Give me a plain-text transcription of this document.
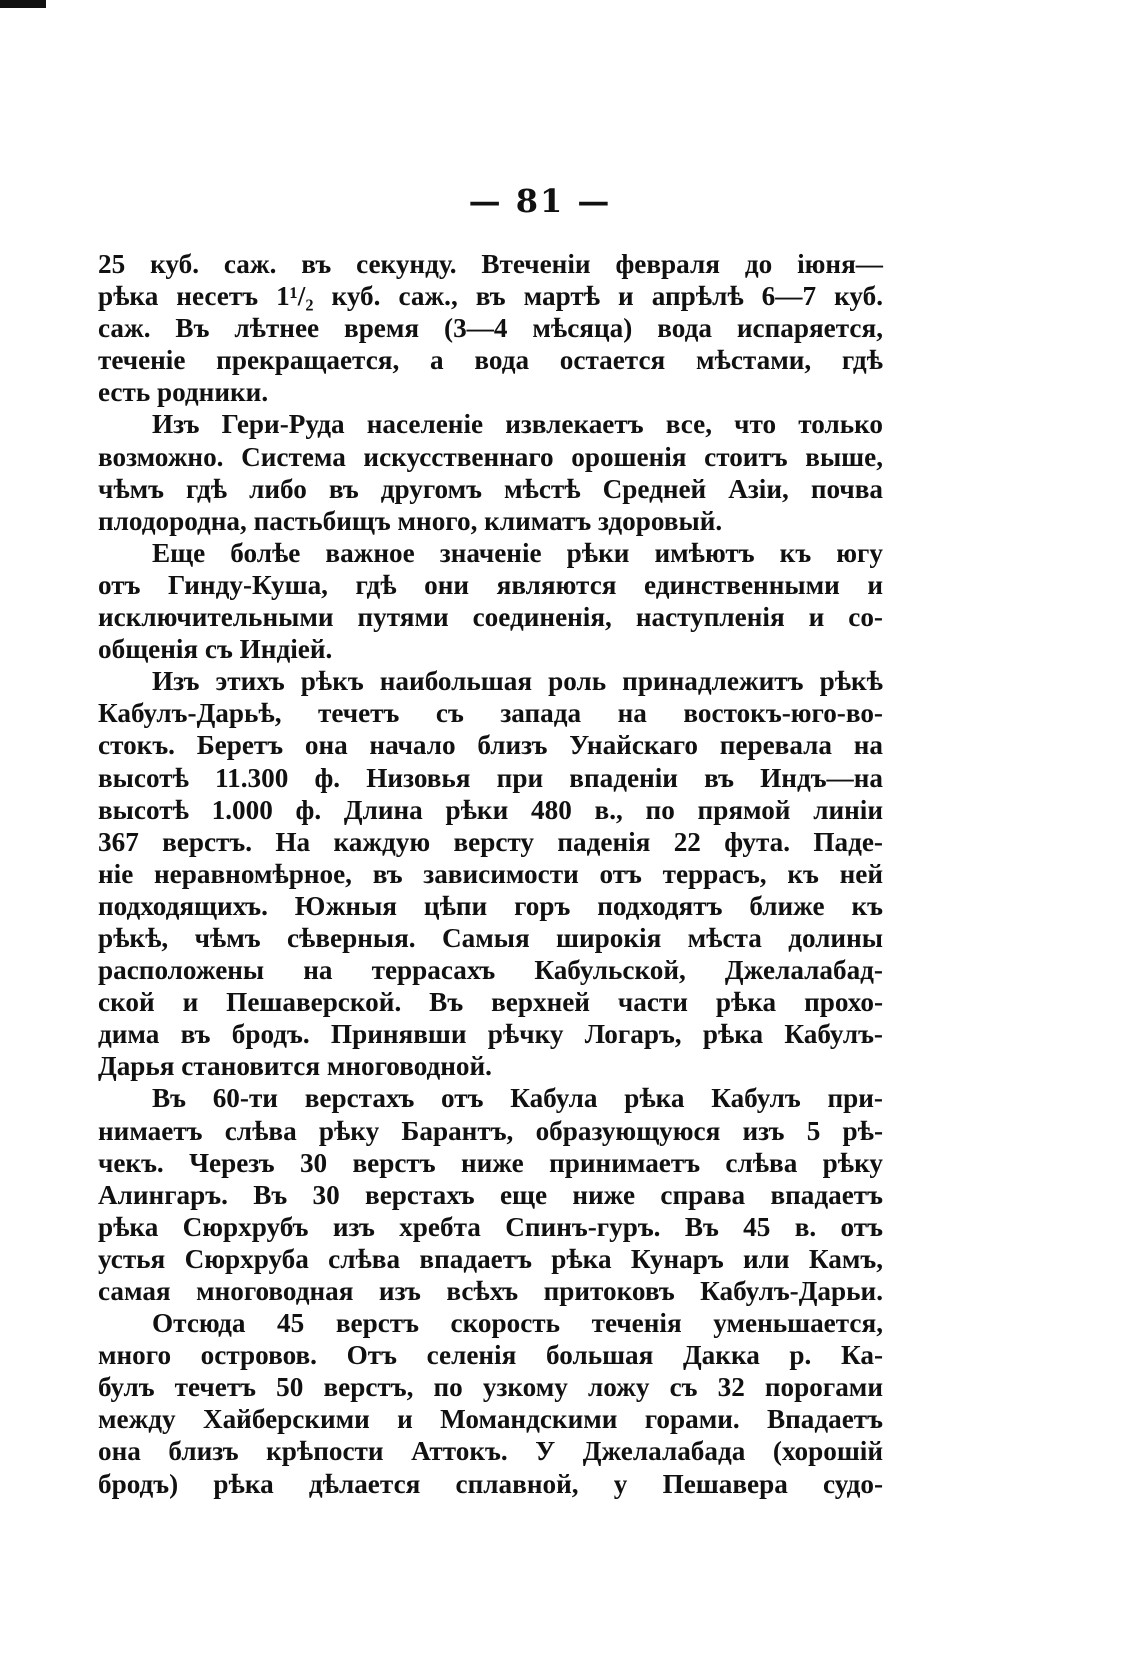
— 81 —
25 куб. саж. въ секунду. Втеченіи февраля до іюня—
рѣка несетъ 1¹/₂ куб. саж., въ мартѣ и апрѣлѣ 6—7 куб.
саж. Въ лѣтнее время (3—4 мѣсяца) вода испаряется,
теченіе прекращается, а вода остается мѣстами, гдѣ
есть родники.
Изъ Гери-Руда населеніе извлекаетъ все, что только
возможно. Система искусственнаго орошенія стоитъ выше,
чѣмъ гдѣ либо въ другомъ мѣстѣ Средней Азіи, почва
плодородна, пастьбищъ много, климатъ здоровый.
Еще болѣе важное значеніе рѣки имѣютъ къ югу
отъ Гинду-Куша, гдѣ они являются единственными и
исключительными путями соединенія, наступленія и со-
общенія съ Индіей.
Изъ этихъ рѣкъ наибольшая роль принадлежитъ рѣкѣ
Кабулъ-Дарьѣ, течетъ съ запада на востокъ-юго-во-
стокъ. Беретъ она начало близъ Унайскаго перевала на
высотѣ 11.300 ф. Низовья при впаденіи въ Индъ—на
высотѣ 1.000 ф. Длина рѣки 480 в., по прямой линіи
367 верстъ. На каждую версту паденія 22 фута. Паде-
ніе неравномѣрное, въ зависимости отъ террасъ, къ ней
подходящихъ. Южныя цѣпи горъ подходятъ ближе къ
рѣкѣ, чѣмъ сѣверныя. Самыя широкія мѣста долины
расположены на террасахъ Кабульской, Джелалабад-
ской и Пешаверской. Въ верхней части рѣка прохо-
дима въ бродъ. Принявши рѣчку Логаръ, рѣка Кабулъ-
Дарья становится многоводной.
Въ 60-ти верстахъ отъ Кабула рѣка Кабулъ при-
нимаетъ слѣва рѣку Барантъ, образующуюся изъ 5 рѣ-
чекъ. Черезъ 30 верстъ ниже принимаетъ слѣва рѣку
Алингаръ. Въ 30 верстахъ еще ниже справа впадаетъ
рѣка Сюрхрубъ изъ хребта Спинъ-гуръ. Въ 45 в. отъ
устья Сюрхруба слѣва впадаетъ рѣка Кунаръ или Камъ,
самая многоводная изъ всѣхъ притоковъ Кабулъ-Дарьи.
Отсюда 45 верстъ скорость теченія уменьшается,
много островов. Отъ селенія большая Дакка р. Ка-
булъ течетъ 50 верстъ, по узкому ложу съ 32 порогами
между Хайберскими и Момандскими горами. Впадаетъ
она близъ крѣпости Аттокъ. У Джелалабада (хорошій
бродъ) рѣка дѣлается сплавной, у Пешавера судо-
